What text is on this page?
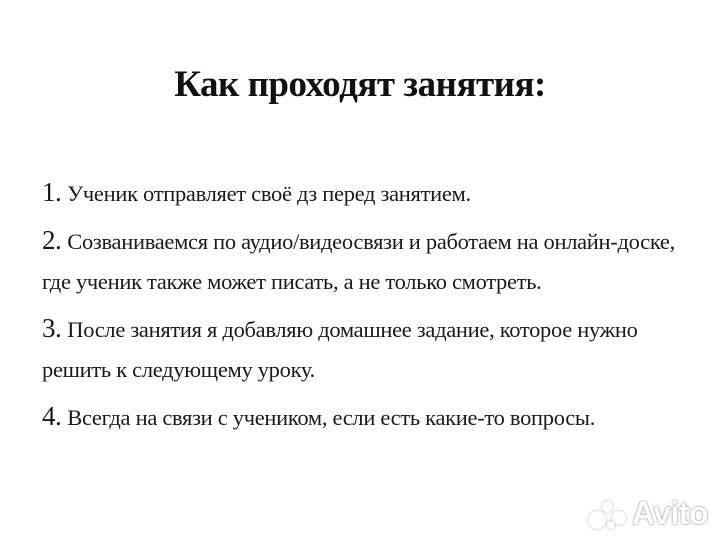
Как проходят занятия:
1. Ученик отправляет своё дз перед занятием.
2. Созваниваемся по аудио/видеосвязи и работаем на онлайн-доске, где ученик также может писать, а не только смотреть.
3. После занятия я добавляю домашнее задание, которое нужно решить к следующему уроку.
4. Всегда на связи с учеником, если есть какие-то вопросы.
Avito
